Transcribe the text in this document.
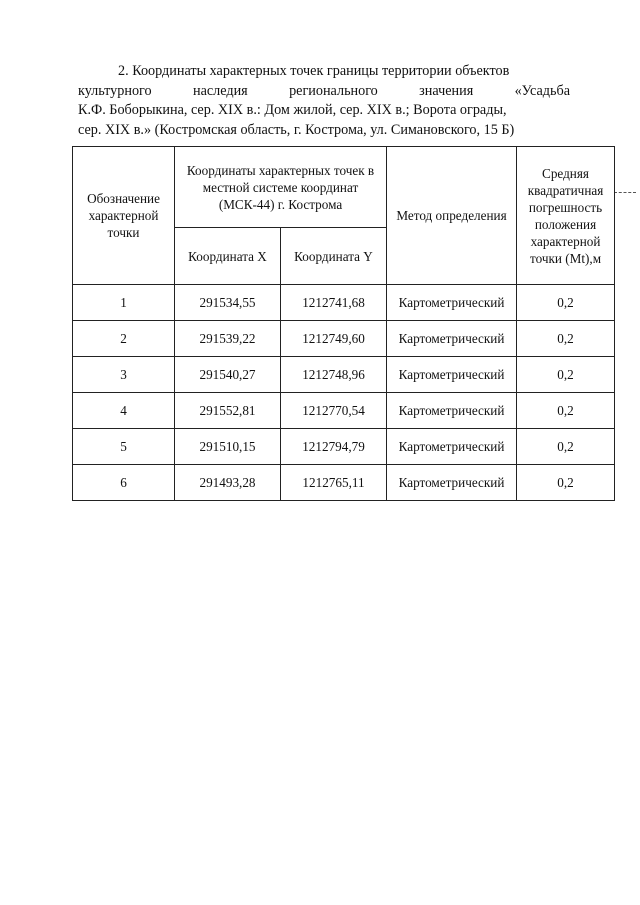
2. Координаты характерных точек границы территории объектов
культурного наследия регионального значения «Усадьба
К.Ф. Боборыкина, сер. XIX в.: Дом жилой, сер. XIX в.; Ворота ограды,
сер. XIX в.» (Костромская область, г. Кострома, ул. Симановского, 15 Б)
Обозначение характерной точки	Координаты характерных точек в местной системе координат (МСК-44) г. Кострома		Метод определения	Средняя квадратичная погрешность положения характерной точки (Mt),м
	Координата X	Координата Y		
1	291534,55	1212741,68	Картометрический	0,2
2	291539,22	1212749,60	Картометрический	0,2
3	291540,27	1212748,96	Картометрический	0,2
4	291552,81	1212770,54	Картометрический	0,2
5	291510,15	1212794,79	Картометрический	0,2
6	291493,28	1212765,11	Картометрический	0,2
